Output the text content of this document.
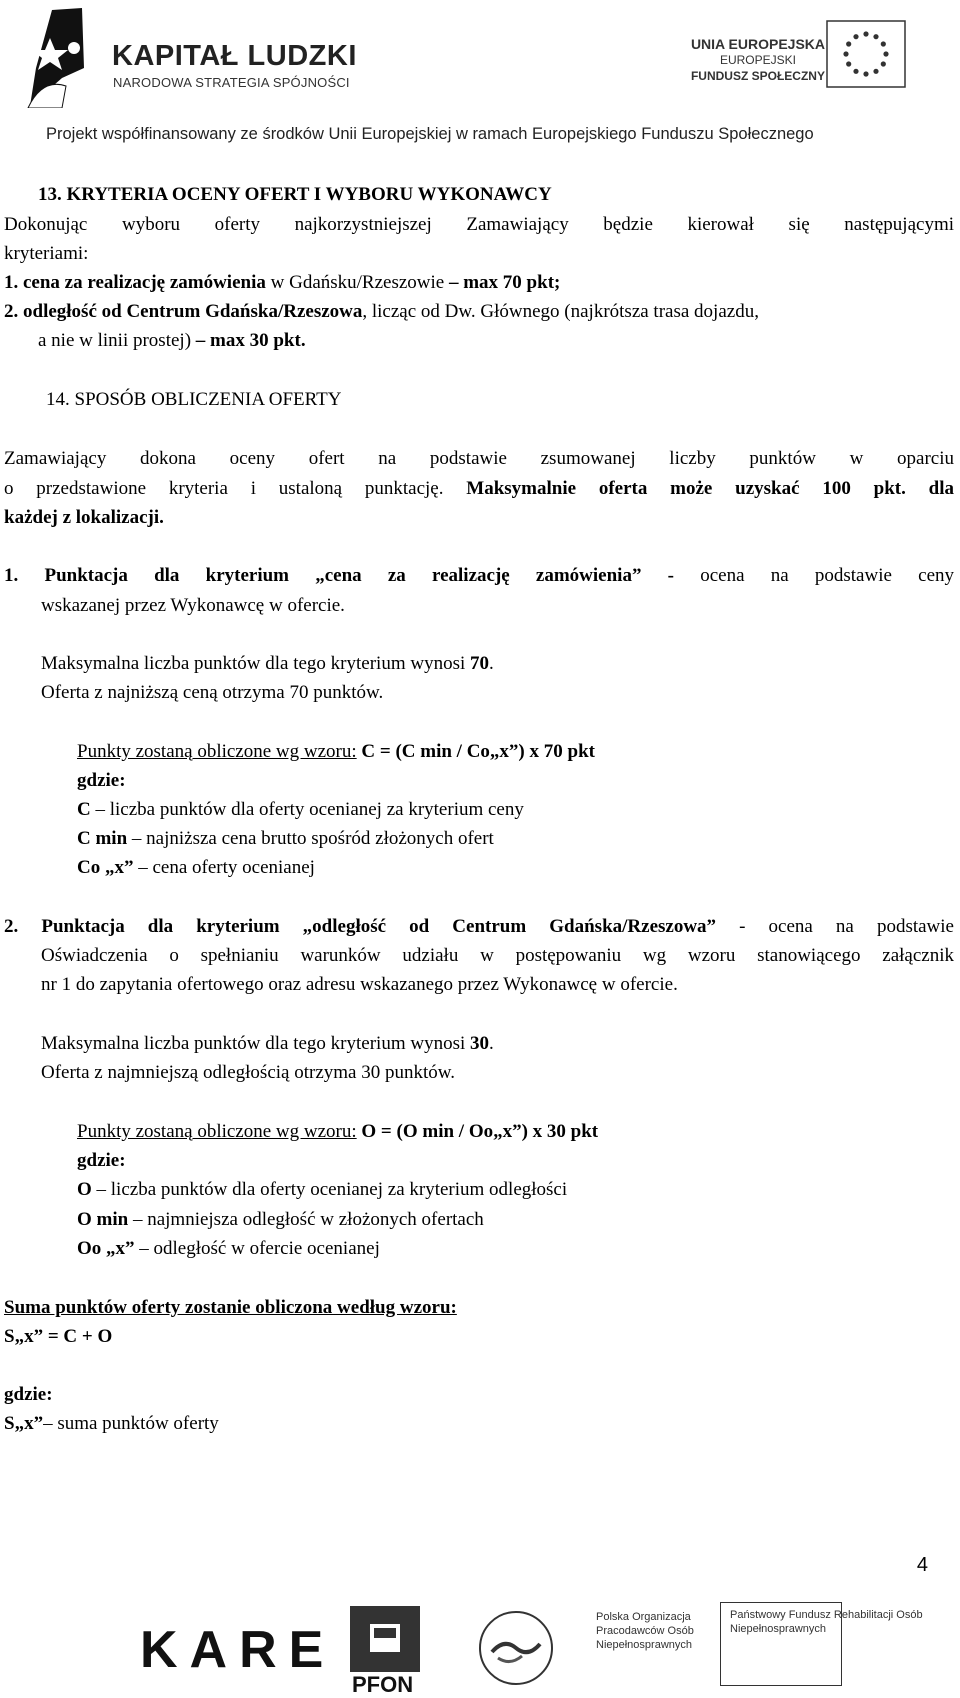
KAPITAŁ LUDZKI
NARODOWA STRATEGIA SPÓJNOŚCI
UNIA EUROPEJSKA
EUROPEJSKI
FUNDUSZ SPOŁECZNY
Projekt współfinansowany ze środków Unii Europejskiej w ramach Europejskiego Funduszu Społecznego
13. KRYTERIA OCENY OFERT I WYBORU WYKONAWCY
Dokonując wyboru oferty najkorzystniejszej Zamawiający będzie kierował się następującymi
kryteriami:
1. cena za realizację zamówienia w Gdańsku/Rzeszowie – max 70 pkt;
2. odległość od Centrum Gdańska/Rzeszowa, licząc od Dw. Głównego (najkrótsza trasa dojazdu,
a nie w linii prostej) – max 30 pkt.
14. SPOSÓB OBLICZENIA OFERTY
Zamawiający dokona oceny ofert na podstawie zsumowanej liczby punktów w oparciu
o przedstawione kryteria i ustaloną punktację. Maksymalnie oferta może uzyskać 100 pkt. dla
każdej z lokalizacji.
1. Punktacja dla kryterium „cena za realizację zamówienia” - ocena na podstawie ceny
wskazanej przez Wykonawcę w ofercie.
Maksymalna liczba punktów dla tego kryterium wynosi 70.
Oferta z najniższą ceną otrzyma 70 punktów.
Punkty zostaną obliczone wg wzoru: C = (C min / Co„x”) x 70 pkt
gdzie:
C – liczba punktów dla oferty ocenianej za kryterium ceny
C min – najniższa cena brutto spośród złożonych ofert
Co „x” – cena oferty ocenianej
2. Punktacja dla kryterium „odległość od Centrum Gdańska/Rzeszowa” - ocena na podstawie
Oświadczenia o spełnianiu warunków udziału w postępowaniu wg wzoru stanowiącego załącznik
nr 1 do zapytania ofertowego oraz adresu wskazanego przez Wykonawcę w ofercie.
Maksymalna liczba punktów dla tego kryterium wynosi 30.
Oferta z najmniejszą odległością otrzyma 30 punktów.
Punkty zostaną obliczone wg wzoru: O = (O min / Oo„x”) x 30 pkt
gdzie:
O – liczba punktów dla oferty ocenianej za kryterium odległości
O min – najmniejsza odległość w złożonych ofertach
Oo „x” – odległość w ofercie ocenianej
Suma punktów oferty zostanie obliczona według wzoru:
S„x” = C + O
gdzie:
S„x”– suma punktów oferty
4
KARE
PFON
Polska Organizacja Pracodawców Osób Niepełnosprawnych
Państwowy Fundusz Rehabilitacji Osób Niepełnosprawnych
